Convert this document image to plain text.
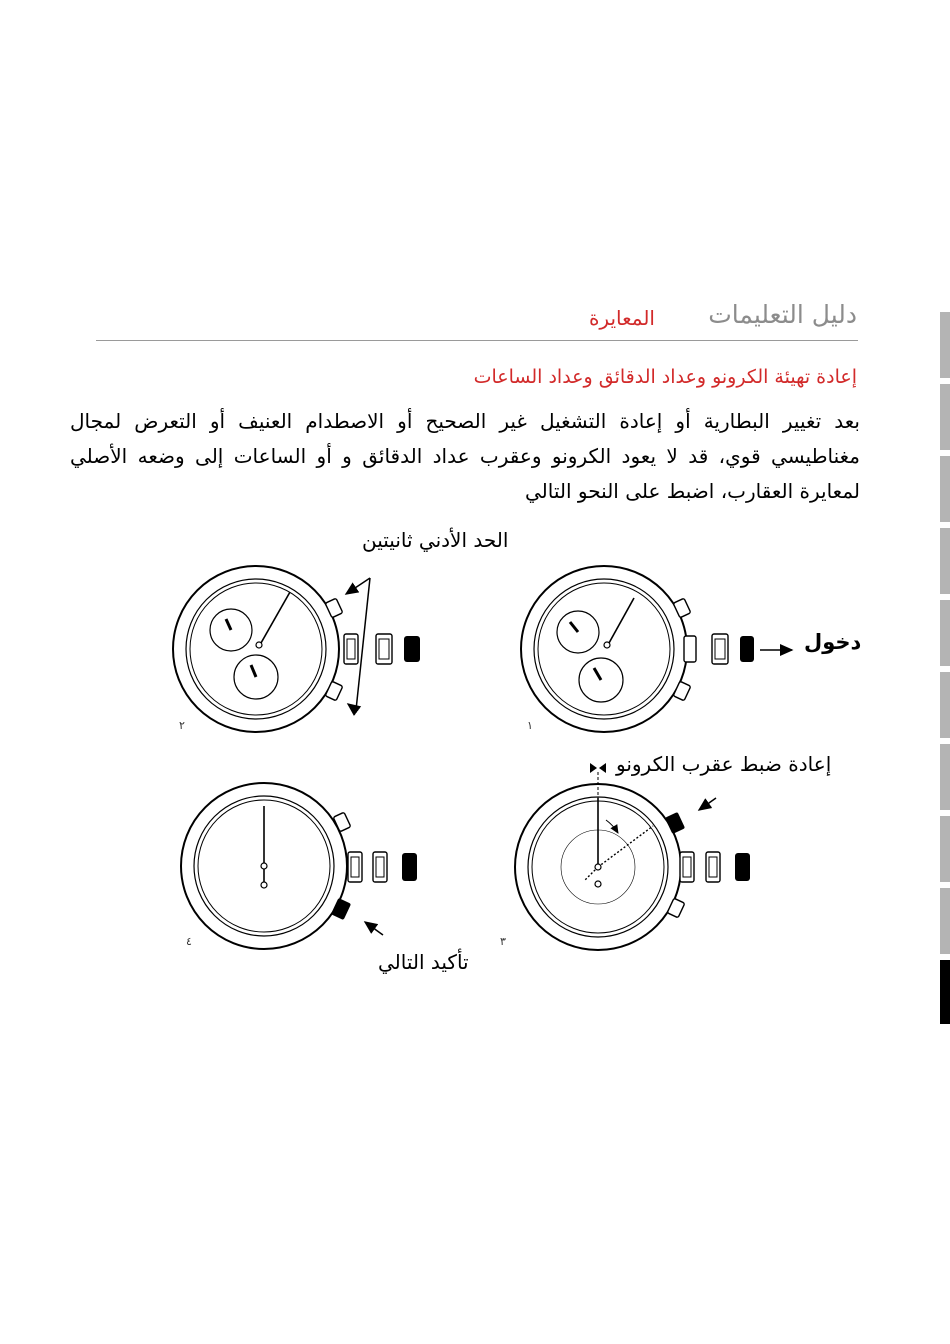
دليل التعليمات
المعايرة
إعادة تهيئة الكرونو وعداد الدقائق وعداد الساعات
بعد تغيير البطارية أو إعادة التشغيل غير الصحيح أو الاصطدام العنيف أو التعرض لمجال مغناطيسي قوي، قد لا يعود الكرونو وعقرب عداد الدقائق و أو الساعات إلى وضعه الأصلي لمعايرة العقارب، اضبط على النحو التالي
الحد الأدني ثانيتين
دخول
إعادة ضبط عقرب الكرونو
تأكيد التالي
١
٢
٣
٤
